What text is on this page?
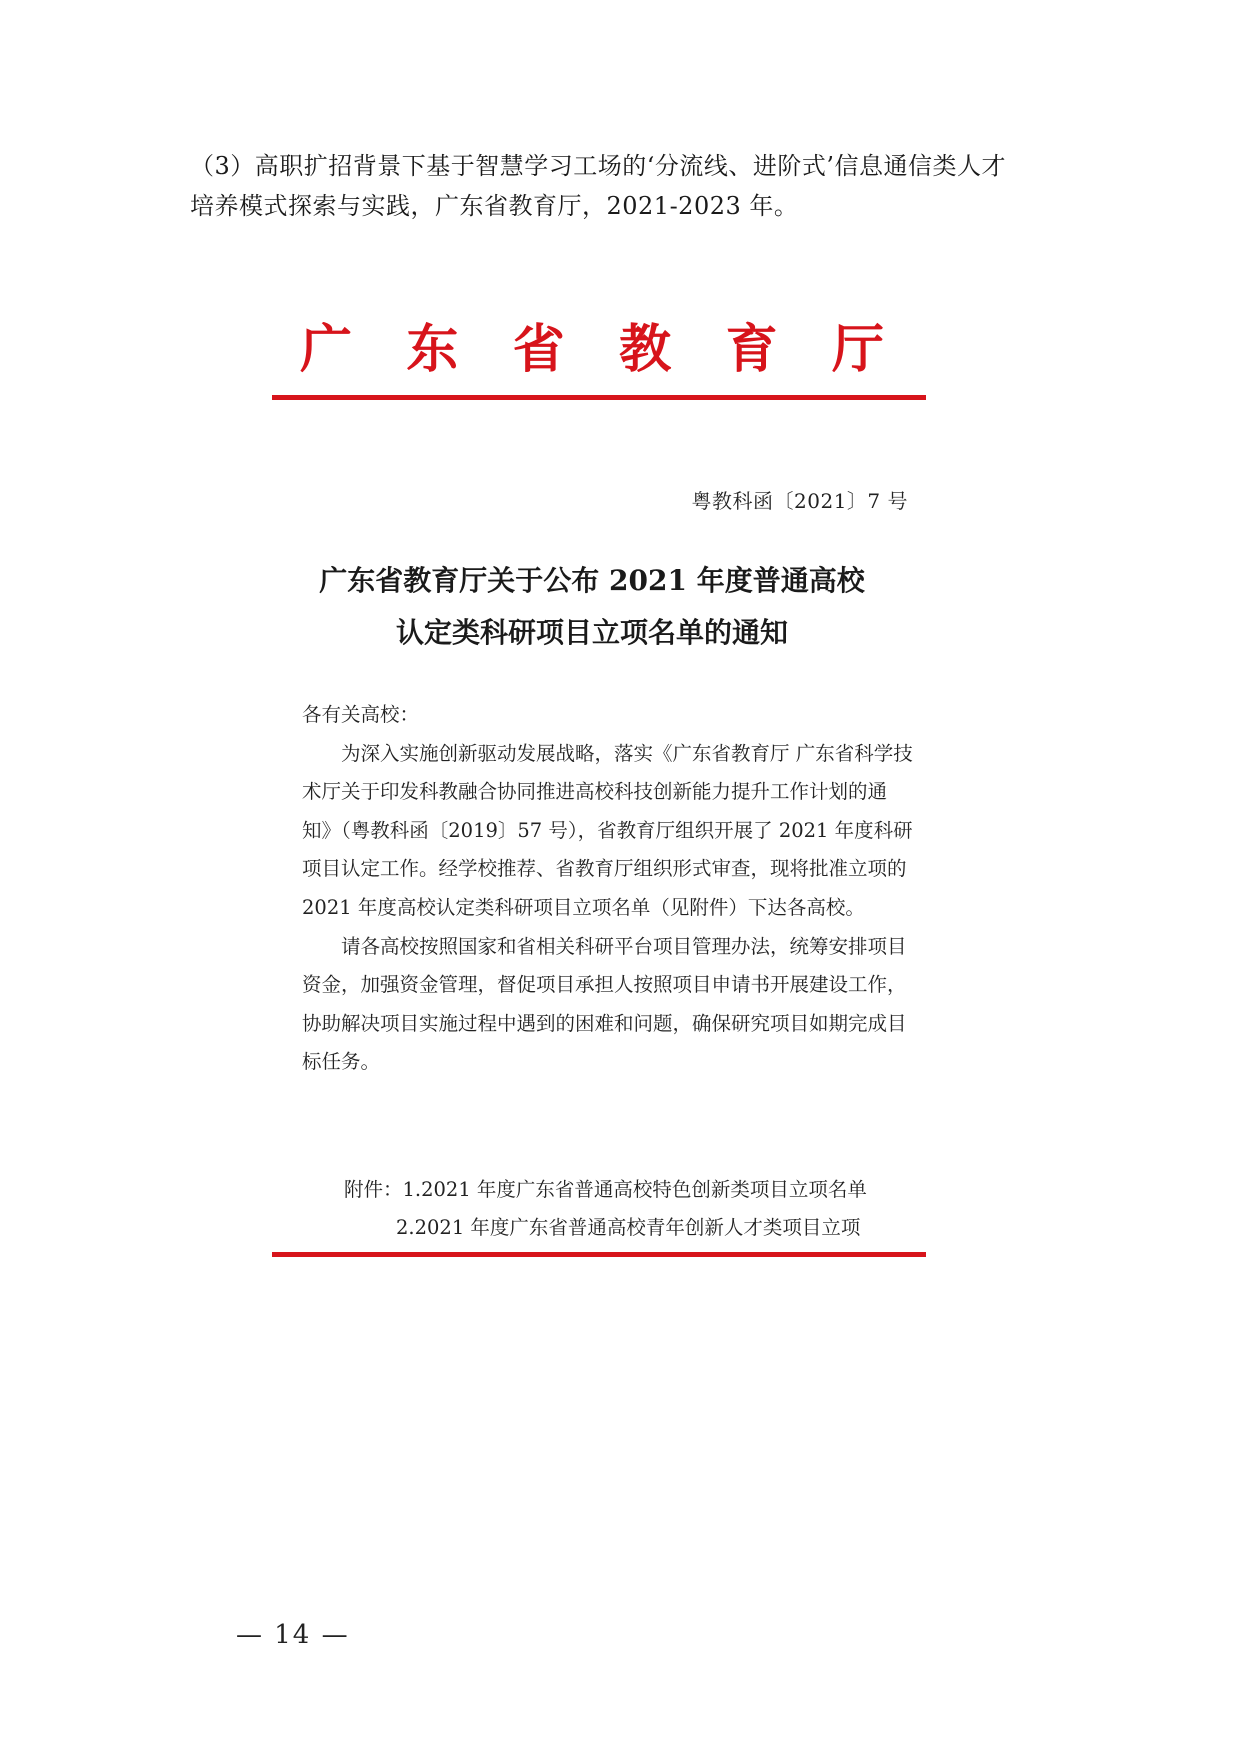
（3）高职扩招背景下基于智慧学习工场的‘分流线、进阶式’信息通信类人才

培养模式探索与实践，广东省教育厅，2021-2023 年。

广 东 省 教 育 厅
粤教科函〔2021〕7 号
广东省教育厅关于公布 2021 年度普通高校
认定类科研项目立项名单的通知

各有关高校：

为深入实施创新驱动发展战略，落实《广东省教育厅 广东省科学技术厅关于印发科教融合协同推进高校科技创新能力提升工作计划的通知》（粤教科函〔2019〕57 号），省教育厅组织开展了 2021 年度科研项目认定工作。经学校推荐、省教育厅组织形式审查，现将批准立项的 2021 年度高校认定类科研项目立项名单（见附件）下达各高校。

请各高校按照国家和省相关科研平台项目管理办法，统筹安排项目资金，加强资金管理，督促项目承担人按照项目申请书开展建设工作，协助解决项目实施过程中遇到的困难和问题，确保研究项目如期完成目标任务。

附件：1.2021 年度广东省普通高校特色创新类项目立项名单
2.2021 年度广东省普通高校青年创新人才类项目立项
— 14 —
